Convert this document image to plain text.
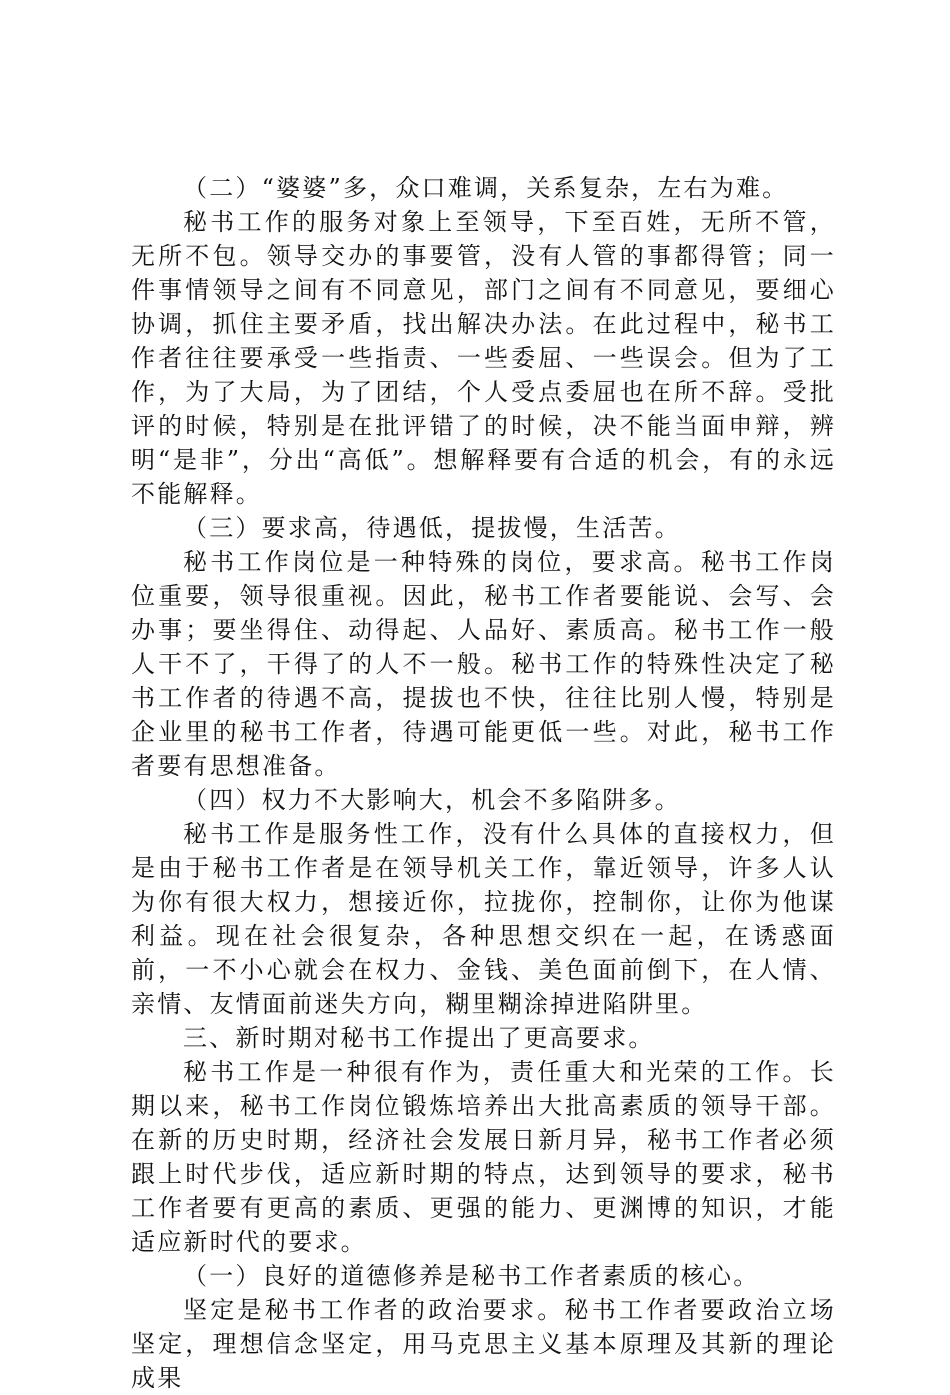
（二）“婆婆”多，众口难调，关系复杂，左右为难。

秘书工作的服务对象上至领导，下至百姓，无所不管，无所不包。领导交办的事要管，没有人管的事都得管；同一件事情领导之间有不同意见，部门之间有不同意见，要细心协调，抓住主要矛盾，找出解决办法。在此过程中，秘书工作者往往要承受一些指责、一些委屈、一些误会。但为了工作，为了大局，为了团结，个人受点委屈也在所不辞。受批评的时候，特别是在批评错了的时候，决不能当面申辩，辨明“是非”，分出“高低”。想解释要有合适的机会，有的永远不能解释。

（三）要求高，待遇低，提拔慢，生活苦。

秘书工作岗位是一种特殊的岗位，要求高。秘书工作岗位重要，领导很重视。因此，秘书工作者要能说、会写、会办事；要坐得住、动得起、人品好、素质高。秘书工作一般人干不了，干得了的人不一般。秘书工作的特殊性决定了秘书工作者的待遇不高，提拔也不快，往往比别人慢，特别是企业里的秘书工作者，待遇可能更低一些。对此，秘书工作者要有思想准备。

（四）权力不大影响大，机会不多陷阱多。

秘书工作是服务性工作，没有什么具体的直接权力，但是由于秘书工作者是在领导机关工作，靠近领导，许多人认为你有很大权力，想接近你，拉拢你，控制你，让你为他谋利益。现在社会很复杂，各种思想交织在一起，在诱惑面前，一不小心就会在权力、金钱、美色面前倒下，在人情、亲情、友情面前迷失方向，糊里糊涂掉进陷阱里。

三、新时期对秘书工作提出了更高要求。

秘书工作是一种很有作为，责任重大和光荣的工作。长期以来，秘书工作岗位锻炼培养出大批高素质的领导干部。在新的历史时期，经济社会发展日新月异，秘书工作者必须跟上时代步伐，适应新时期的特点，达到领导的要求，秘书工作者要有更高的素质、更强的能力、更渊博的知识，才能适应新时代的要求。

（一）良好的道德修养是秘书工作者素质的核心。

坚定是秘书工作者的政治要求。秘书工作者要政治立场坚定，理想信念坚定，用马克思主义基本原理及其新的理论成果
